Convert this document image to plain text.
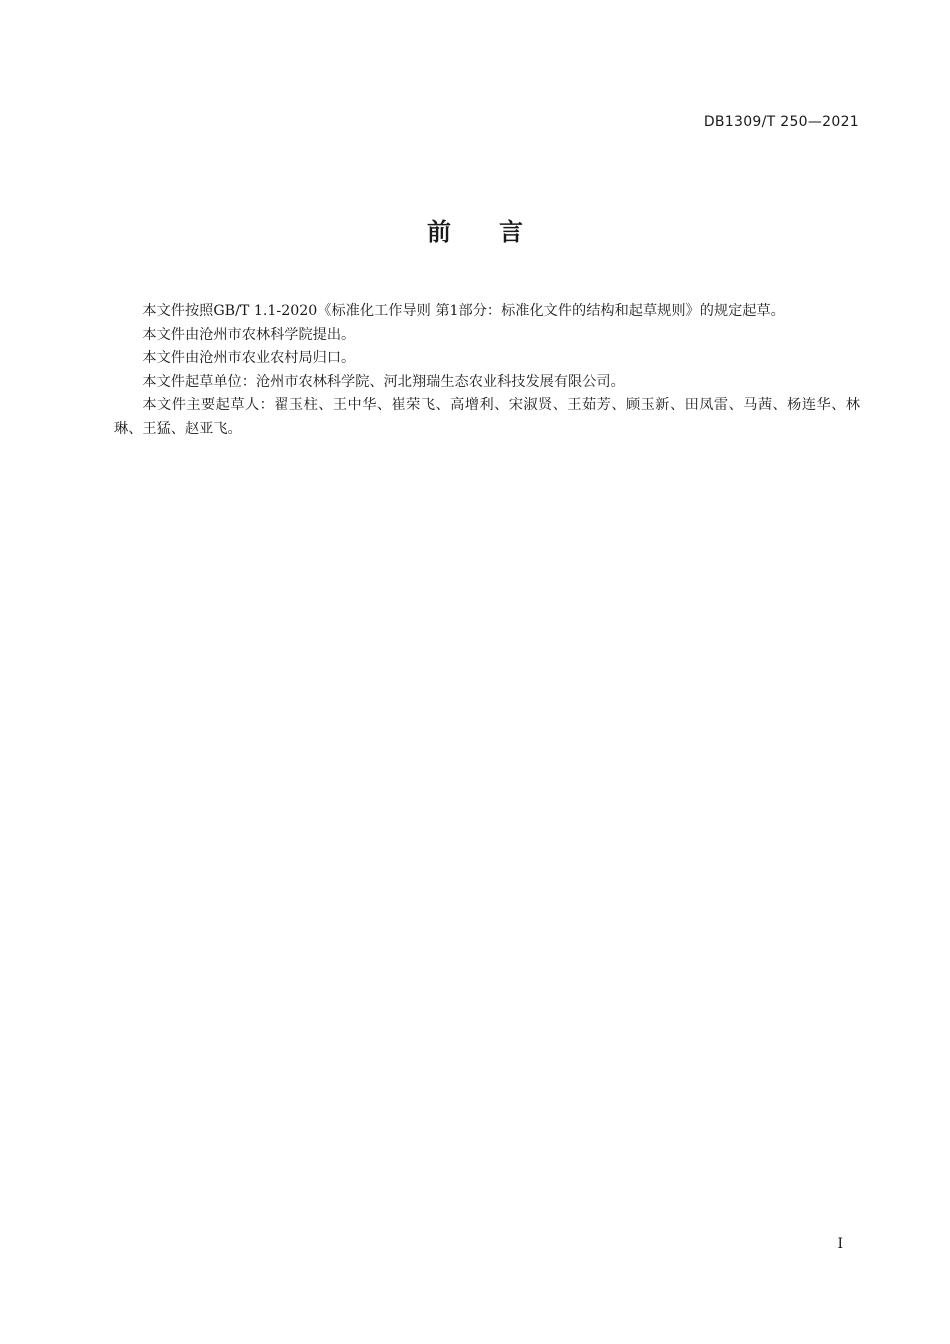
DB1309/T 250—2021
前 言

本文件按照GB/T 1.1-2020《标准化工作导则 第1部分：标准化文件的结构和起草规则》的规定起草。

本文件由沧州市农林科学院提出。

本文件由沧州市农业农村局归口。

本文件起草单位：沧州市农林科学院、河北翔瑞生态农业科技发展有限公司。

本文件主要起草人：翟玉柱、王中华、崔荣飞、高增利、宋淑贤、王茹芳、顾玉新、田凤雷、马茜、杨连华、林琳、王猛、赵亚飞。

I
